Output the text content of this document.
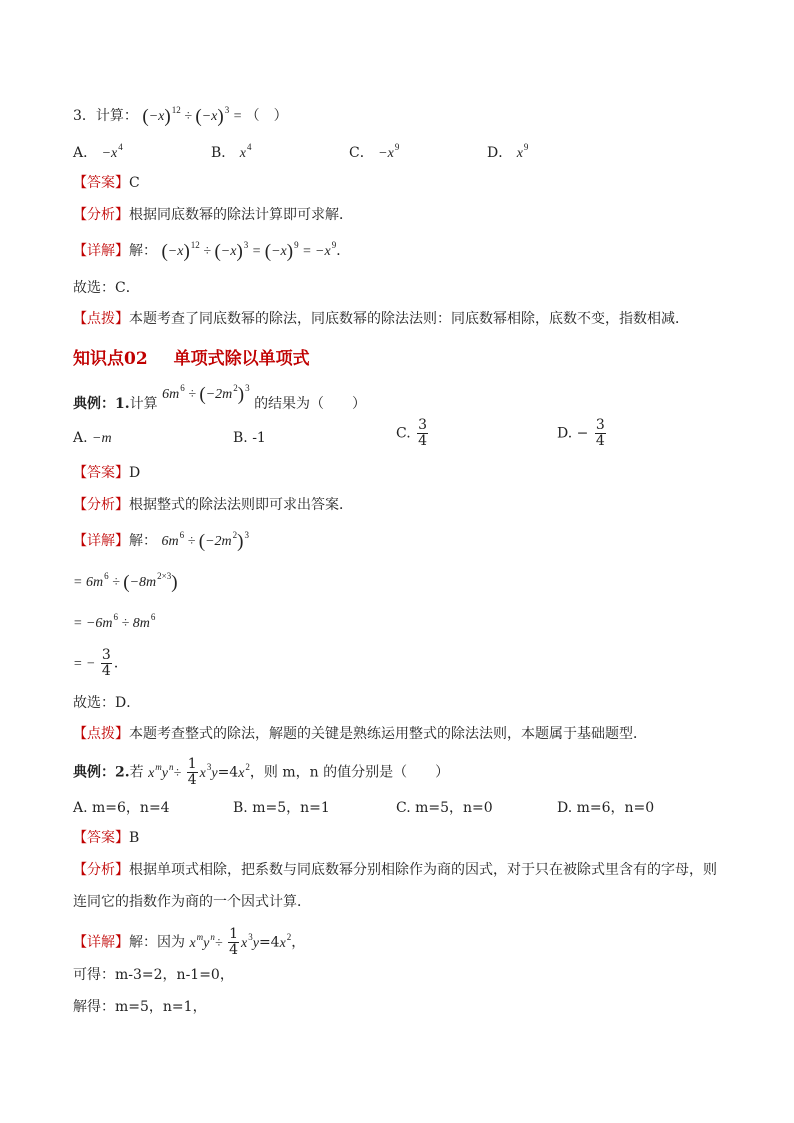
3．计算： $(-x)^{12} \div (-x)^3$ = （　）
A． $-x^4$	B． $x^4$	C． $-x^9$	D． $x^9$
【答案】C
【分析】根据同底数幂的除法计算即可求解．
【详解】解： $(-x)^{12} \div (-x)^3 = (-x)^9 = -x^9$．
故选：C．
【点拨】本题考查了同底数幂的除法，同底数幂的除法法则：同底数幂相除，底数不变，指数相减．
知识点02 单项式除以单项式
典例：1.计算 $6m^6 \div (-2m^2)^3$ 的结果为（　　）
A. −m	B. -1	C. $\frac{3}{4}$	D. − $\frac{3}{4}$
【答案】D
【分析】根据整式的除法法则即可求出答案．
【详解】解： $6m^6 \div (-2m^2)^3$
= $6m^6 \div (-8m^{2\times 3})$
= $-6m^6 \div 8m^6$
= − $\frac{3}{4}$ ．
故选：D．
【点拨】本题考查整式的除法，解题的关键是熟练运用整式的除法法则，本题属于基础题型．
典例：2.若 $x^my^n\div \frac{1}{4} x^3y=4x^2$，则 m，n 的值分别是（　　）
A. m=6，n=4	B. m=5，n=1	C. m=5，n=0	D. m=6，n=0
【答案】B
【分析】根据单项式相除，把系数与同底数幂分别相除作为商的因式，对于只在被除式里含有的字母，则
连同它的指数作为商的一个因式计算．
【详解】解：因为 $x^my^n\div \frac{1}{4} x^3y=4x^2$，
可得：m-3=2，n-1=0，
解得：m=5，n=1，
